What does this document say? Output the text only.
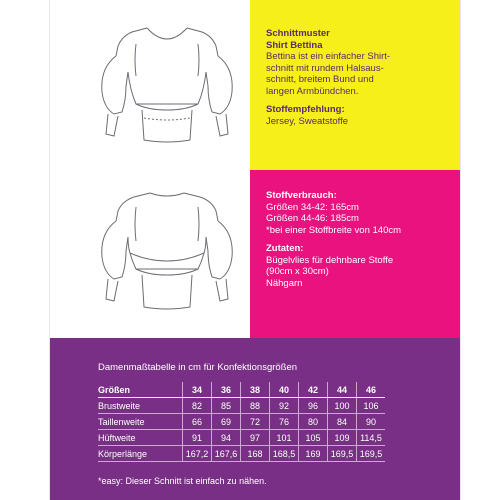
Schnittmuster
Shirt Bettina
Bettina ist ein einfacher Shirt-
schnitt mit rundem Halsaus-
schnitt, breitem Bund und
langen Armbündchen.
Stoffempfehlung:
Jersey, Sweatstoffe
Stoffverbrauch:
Größen 34-42: 165cm
Größen 44-46: 185cm
*bei einer Stoffbreite von 140cm
Zutaten:
Bügelvlies für dehnbare Stoffe
(90cm x 30cm)
Nähgarn
Damenmaßtabelle in cm für Konfektionsgrößen
Größen	34	36	38	40	42	44	46
Brustweite	82	85	88	92	96	100	106
Taillenweite	66	69	72	76	80	84	90
Hüftweite	91	94	97	101	105	109	114,5
Körperlänge	167,2	167,6	168	168,5	169	169,5	169,5
*easy: Dieser Schnitt ist einfach zu nähen.
